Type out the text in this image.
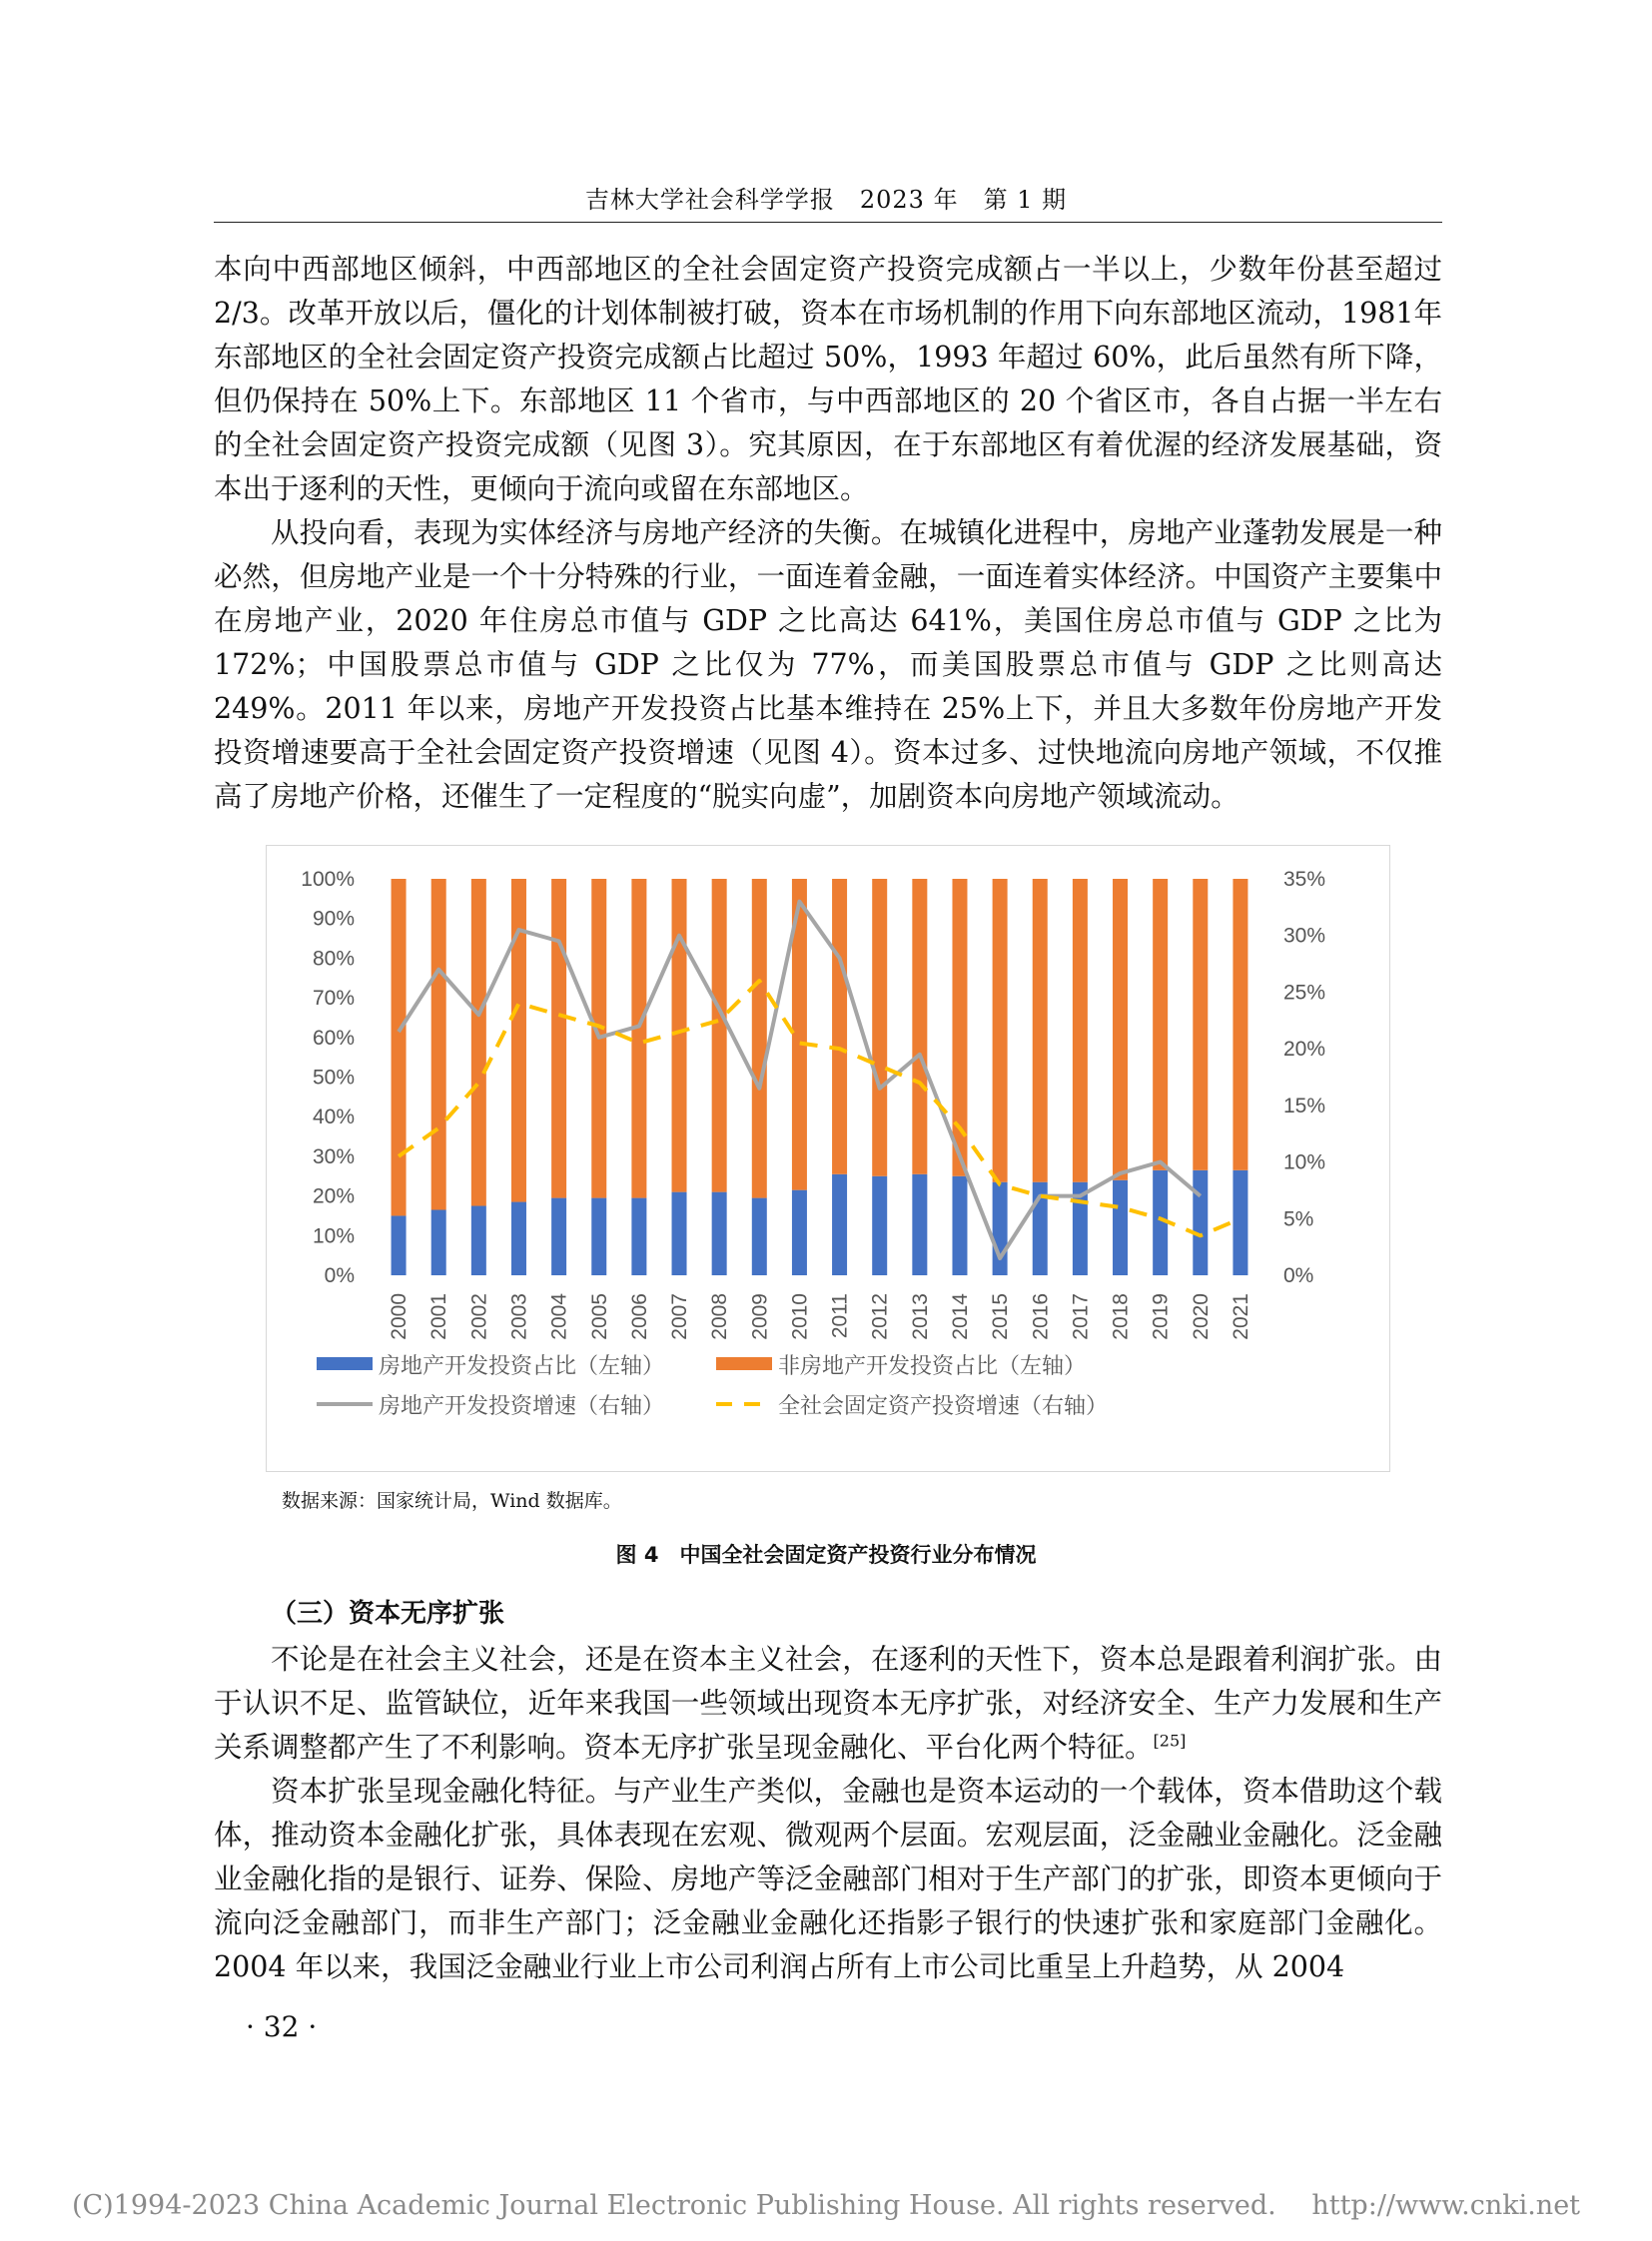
吉林大学社会科学学报　2023 年　第 1 期

本向中西部地区倾斜，中西部地区的全社会固定资产投资完成额占一半以上，少数年份甚至超过2/3。改革开放以后，僵化的计划体制被打破，资本在市场机制的作用下向东部地区流动，1981年东部地区的全社会固定资产投资完成额占比超过 50%，1993 年超过 60%，此后虽然有所下降，但仍保持在 50%上下。东部地区 11 个省市，与中西部地区的 20 个省区市，各自占据一半左右的全社会固定资产投资完成额（见图 3）。究其原因，在于东部地区有着优渥的经济发展基础，资本出于逐利的天性，更倾向于流向或留在东部地区。

从投向看，表现为实体经济与房地产经济的失衡。在城镇化进程中，房地产业蓬勃发展是一种必然，但房地产业是一个十分特殊的行业，一面连着金融，一面连着实体经济。中国资产主要集中在房地产业，2020 年住房总市值与 GDP 之比高达 641%，美国住房总市值与 GDP 之比为 172%；中国股票总市值与 GDP 之比仅为 77%，而美国股票总市值与 GDP 之比则高达 249%。2011 年以来，房地产开发投资占比基本维持在 25%上下，并且大多数年份房地产开发投资增速要高于全社会固定资产投资增速（见图 4）。资本过多、过快地流向房地产领域，不仅推高了房地产价格，还催生了一定程度的“脱实向虚”，加剧资本向房地产领域流动。

0%
10%
20%
30%
40%
50%
60%
70%
80%
90%
100%
0%
5%
10%
15%
20%
25%
30%
35%
2000 2001 2002 2003 2004 2005 2006 2007 2008 2009 2010 2011 2012 2013 2014 2015 2016 2017 2018 2019 2020 2021
房地产开发投资占比（左轴）	非房地产开发投资占比（左轴）
房地产开发投资增速（右轴）	全社会固定资产投资增速（右轴）
数据来源：国家统计局，Wind 数据库。
图 4　中国全社会固定资产投资行业分布情况
（三）资本无序扩张

不论是在社会主义社会，还是在资本主义社会，在逐利的天性下，资本总是跟着利润扩张。由于认识不足、监管缺位，近年来我国一些领域出现资本无序扩张，对经济安全、生产力发展和生产关系调整都产生了不利影响。资本无序扩张呈现金融化、平台化两个特征。[25]

资本扩张呈现金融化特征。与产业生产类似，金融也是资本运动的一个载体，资本借助这个载体，推动资本金融化扩张，具体表现在宏观、微观两个层面。宏观层面，泛金融业金融化。泛金融业金融化指的是银行、证券、保险、房地产等泛金融部门相对于生产部门的扩张，即资本更倾向于流向泛金融部门，而非生产部门；泛金融业金融化还指影子银行的快速扩张和家庭部门金融化。2004 年以来，我国泛金融业行业上市公司利润占所有上市公司比重呈上升趋势，从 2004

· 32 ·
(C)1994-2023 China Academic Journal Electronic Publishing House. All rights reserved.　 http://www.cnki.net
